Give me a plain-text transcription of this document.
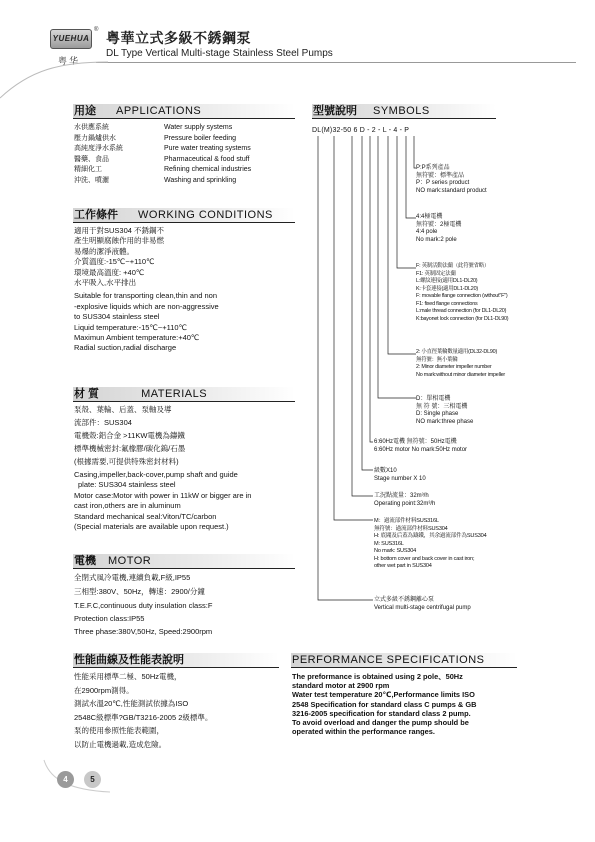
YUEHUA
®
粤华
粤華立式多級不銹鋼泵
DL Type Vertical Multi-stage Stainless Steel Pumps
用途 APPLICATIONS
水供應系統	Water supply systems
壓力鍋爐供水	Pressure boiler feeding
高純度淨水系統	Pure water treating systems
醫藥、食品	Pharmaceutical & food stuff
精細化工	Refining chemical industries
沖洗、噴灑	Washing and sprinkling
工作條件 WORKING CONDITIONS
適用于對SUS304 不銹鋼不
產生明顯腐蝕作用的非易燃
易爆的潔淨液體。
介質溫度:-15℃~+110℃
環境最高溫度: +40℃
水平吸入,水平排出
Suitable for transporting clean,thin and non
-explosive liquids which are non-aggressive
to SUS304 stainless steel
Liquid temperature:-15℃~+110℃
Maximun Ambient temperature:+40℃
Radial suction,radial discharge
材 質	MATERIALS
泵殼、葉輪、后蓋、泵軸及導
流部件：SUS304
電機殼:鋁合金 >11KW電機為鑄鐵
標準機械密封:氟橡膠/碳化鎢/石墨
(根據需要,可提供特殊密封材料)
Casing,impeller,back-cover,pump shaft and guide
plate: SUS304 stainless steel
Motor case:Motor with power in 11kW or bigger are in
cast iron,others are in aluminum
Standard mechanical seal:Viton/TC/carbon
(Special materials are available upon request.)
電機 MOTOR
全閉式風冷電機,連續負載,F級,IP55
三相型:380V、50Hz，轉速：2900/分鐘
T.E.F.C,continuous duty insulation class:F
Protection class:IP55
Three phase:380V,50Hz, Speed:2900rpm
型號說明 SYMBOLS
DL(M)32-50 6 D - 2 - L - 4 - P
P:P系列產品
無符號：標準產品
P：P series product
NO mark:standard product
4:4極電機
無符號：2極電機
4:4 pole
No mark:2 pole
F: 英制活動法蘭（此符號省略）
F1: 英制固定法蘭
L:螺紋連接(適用DL1-DL20)
K:卡套連接(適用DL1-DL20)
F: movable flange connection (without"F")
F1: fixed flange connections
L:male thread connection (for DL1-DL20)
K:bayonet lock connection (for DL1-DL90)
2: 小直徑葉輪數量適用(DL32-DL90)
無符號：無小葉輪
2: Minor diameter impeller number
No mark:without minor diameter impeller
D：單相電機
無 符 號：三相電機
D: Single phase
NO mark:three phase
6:60Hz電機 無符號：50Hz電機
6:60Hz motor No mark:50Hz motor
級數X10
Stage number X 10
工況點流量：32m³/h
Operating point:32m³/h
M：過流部件材料SUS316L
無符號：過流部件材料SUS304
H: 底閥及后蓋為鑄鐵，其余過流部件為SUS304
M: SUS316L
No mark: SUS304
H: bottom cover and back cover in cast iron;
other wet part in SUS304
立式多級不銹鋼離心泵
Vertical multi-stage centrifugal pump
性能曲線及性能表說明
性能采用標準二極、50Hz電機，
在2900rpm測得。
測試水溫20℃,性能測試依據為ISO
2548C級標準?GB/T3216-2005 2級標準。
泵的使用參照性能表範圍，
以防止電機過載,造成危險。
PERFORMANCE SPECIFICATIONS
The preformance is obtained using 2 pole、50Hz
standard motor at 2900 rpm
Water test temperature 20℃,Performance limits ISO
2548 Specification for standard class C pumps & GB
3216-2005 specification for standard class 2 pump.
To avoid overload and danger the pump should be
operated within the performance ranges.
4	5
